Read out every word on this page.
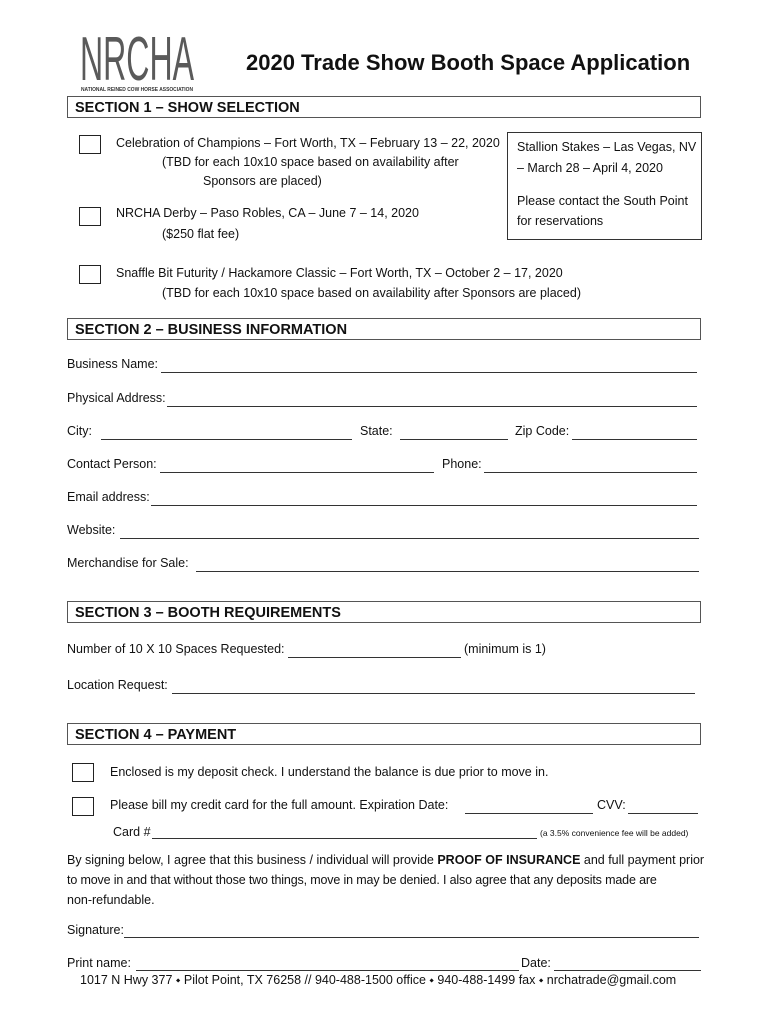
NRCHA
NATIONAL REINED COW HORSE ASSOCIATION
2020 Trade Show Booth Space Application
SECTION 1 – SHOW SELECTION
Celebration of Champions – Fort Worth, TX – February 13 – 22, 2020
(TBD for each 10x10 space based on availability after
Sponsors are placed)
NRCHA Derby – Paso Robles, CA – June 7 – 14, 2020
($250 flat fee)
Stallion Stakes – Las Vegas, NV
– March 28 – April 4, 2020
Please contact the South Point
for reservations
Snaffle Bit Futurity / Hackamore Classic – Fort Worth, TX – October 2 – 17, 2020
(TBD for each 10x10 space based on availability after Sponsors are placed)
SECTION 2 – BUSINESS INFORMATION
Business Name:
Physical Address:
City:	State:	Zip Code:
Contact Person:	Phone:
Email address:
Website:
Merchandise for Sale:
SECTION 3 – BOOTH REQUIREMENTS
Number of 10 X 10 Spaces Requested:	(minimum is 1)
Location Request:
SECTION 4 – PAYMENT
Enclosed is my deposit check. I understand the balance is due prior to move in.
Please bill my credit card for the full amount. Expiration Date:	CVV:
Card #	(a 3.5% convenience fee will be added)
By signing below, I agree that this business / individual will provide PROOF OF INSURANCE and full payment prior
to move in and that without those two things, move in may be denied. I also agree that any deposits made are
non-refundable.
Signature:
Print name:	Date:
1017 N Hwy 377 ⬩ Pilot Point, TX 76258 // 940-488-1500 office ⬩ 940-488-1499 fax ⬩ nrchatrade@gmail.com
